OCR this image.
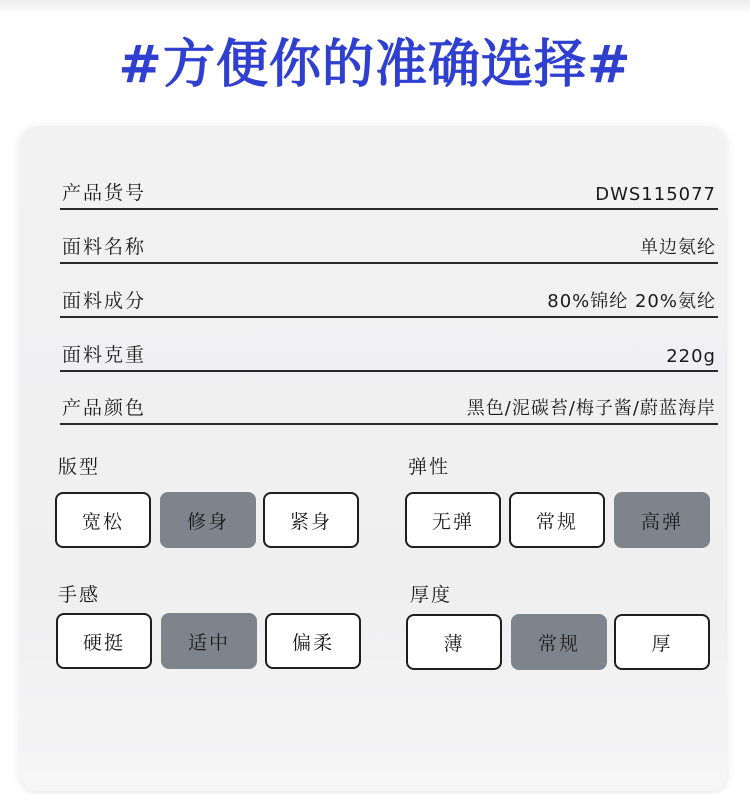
#方便你的准确选择#
产品货号	DWS115077
面料名称	单边氨纶
面料成分	80%锦纶 20%氨纶
面料克重	220g
产品颜色	黑色/泥碳苔/梅子酱/蔚蓝海岸
版型
宽松	修身	紧身
弹性
无弹	常规	高弹
手感
硬挺	适中	偏柔
厚度
薄	常规	厚
